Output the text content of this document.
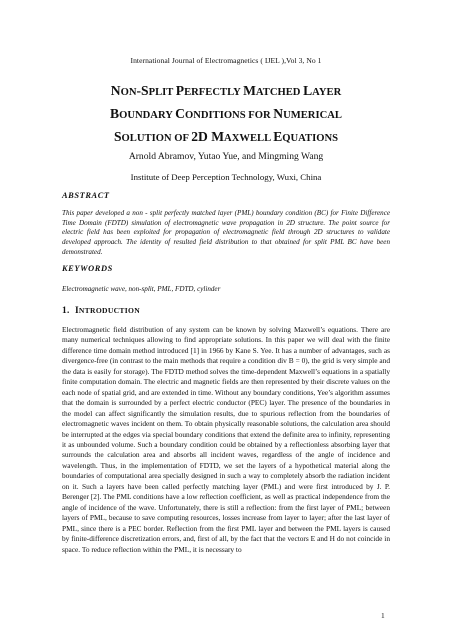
International Journal of Electromagnetics ( IJEL ),Vol 3, No 1
NON-SPLIT PERFECTLY MATCHED LAYER
BOUNDARY CONDITIONS FOR NUMERICAL
SOLUTION OF 2D MAXWELL EQUATIONS
Arnold Abramov, Yutao Yue, and Mingming Wang
Institute of Deep Perception Technology, Wuxi, China
ABSTRACT
This paper developed a non - split perfectly matched layer (PML) boundary condition (BC) for Finite Difference Time Domain (FDTD) simulation of electromagnetic wave propagation in 2D structure. The point source for electric field has been exploited for propagation of electromagnetic field through 2D structures to validate developed approach. The identity of resulted field distribution to that obtained for split PML BC have been demonstrated.
KEYWORDS
Electromagnetic wave, non-split, PML, FDTD, cylinder
1. INTRODUCTION
Electromagnetic field distribution of any system can be known by solving Maxwell’s equations. There are many numerical techniques allowing to find appropriate solutions. In this paper we will deal with the finite difference time domain method introduced [1] in 1966 by Kane S. Yee. It has a number of advantages, such as divergence-free (in contrast to the main methods that require a condition div B = 0), the grid is very simple and the data is easily for storage). The FDTD method solves the time-dependent Maxwell’s equations in a spatially finite computation domain. The electric and magnetic fields are then represented by their discrete values on the each node of spatial grid, and are extended in time. Without any boundary conditions, Yee’s algorithm assumes that the domain is surrounded by a perfect electric conductor (PEC) layer. The presence of the boundaries in the model can affect significantly the simulation results, due to spurious reflection from the boundaries of electromagnetic waves incident on them. To obtain physically reasonable solutions, the calculation area should be interrupted at the edges via special boundary conditions that extend the definite area to infinity, representing it as unbounded volume. Such a boundary condition could be obtained by a reflectionless absorbing layer that surrounds the calculation area and absorbs all incident waves, regardless of the angle of incidence and wavelength. Thus, in the implementation of FDTD, we set the layers of a hypothetical material along the boundaries of computational area specially designed in such a way to completely absorb the radiation incident on it. Such a layers have been called perfectly matching layer (PML) and were first introduced by J. P. Berenger [2]. The PML conditions have a low reflection coefficient, as well as practical independence from the angle of incidence of the wave. Unfortunately, there is still a reflection: from the first layer of PML; between layers of PML, because to save computing resources, losses increase from layer to layer; after the last layer of PML, since there is a PEC border. Reflection from the first PML layer and between the PML layers is caused by finite-difference discretization errors, and, first of all, by the fact that the vectors E and H do not coincide in space. To reduce reflection within the PML, it is necessary to
1
